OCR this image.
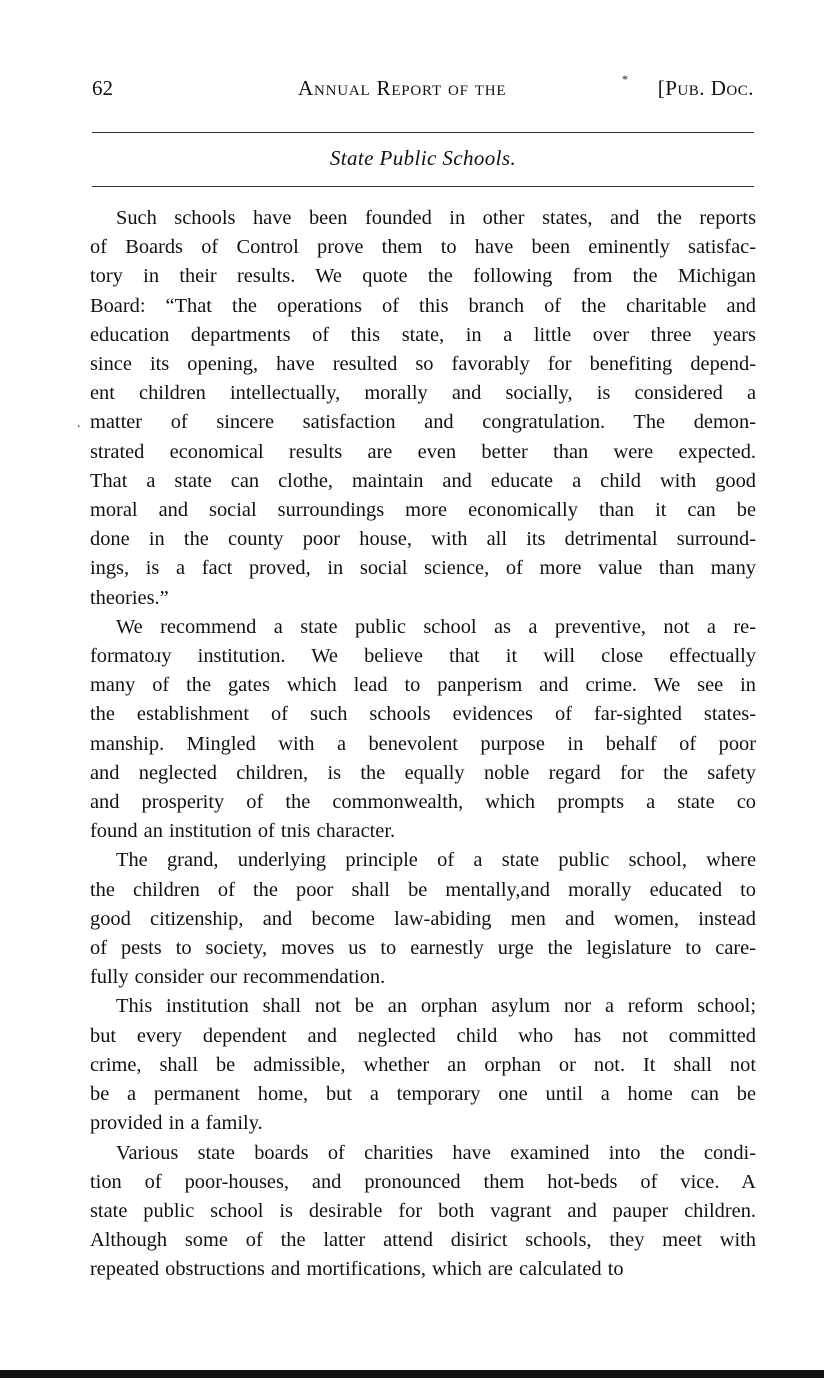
62	Annual Report of the	* [Pub. Doc.
State Public Schools.
.

Such schools have been founded in other states, and the reports
of Boards of Control prove them to have been eminently satisfac-
tory in their results. We quote the following from the Michigan
Board: “That the operations of this branch of the charitable and
education departments of this state, in a little over three years
since its opening, have resulted so favorably for benefiting depend-
ent children intellectually, morally and socially, is considered a
matter of sincere satisfaction and congratulation. The demon-
strated economical results are even better than were expected.
That a state can clothe, maintain and educate a child with good
moral and social surroundings more economically than it can be
done in the county poor house, with all its detrimental surround-
ings, is a fact proved, in social science, of more value than many
theories.”

We recommend a state public school as a preventive, not a re-
formatoɹy institution. We believe that it will close effectually
many of the gates which lead to panperism and crime. We see in
the establishment of such schools evidences of far-sighted states-
manship. Mingled with a benevolent purpose in behalf of poor
and neglected children, is the equally noble regard for the safety
and prosperity of the commonwealth, which prompts a state co
found an institution of tnis character.

The grand, underlying principle of a state public school, where
the children of the poor shall be mentally,and morally educated to
good citizenship, and become law-abiding men and women, instead
of pests to society, moves us to earnestly urge the legislature to care-
fully consider our recommendation.

This institution shall not be an orphan asylum nor a reform school;
but every dependent and neglected child who has not committed
crime, shall be admissible, whether an orphan or not. It shall not
be a permanent home, but a temporary one until a home can be
provided in a family.

Various state boards of charities have examined into the condi-
tion of poor-houses, and pronounced them hot-beds of vice. A
state public school is desirable for both vagrant and pauper children.
Although some of the latter attend disirict schools, they meet with
repeated obstructions and mortifications, which are calculated to
